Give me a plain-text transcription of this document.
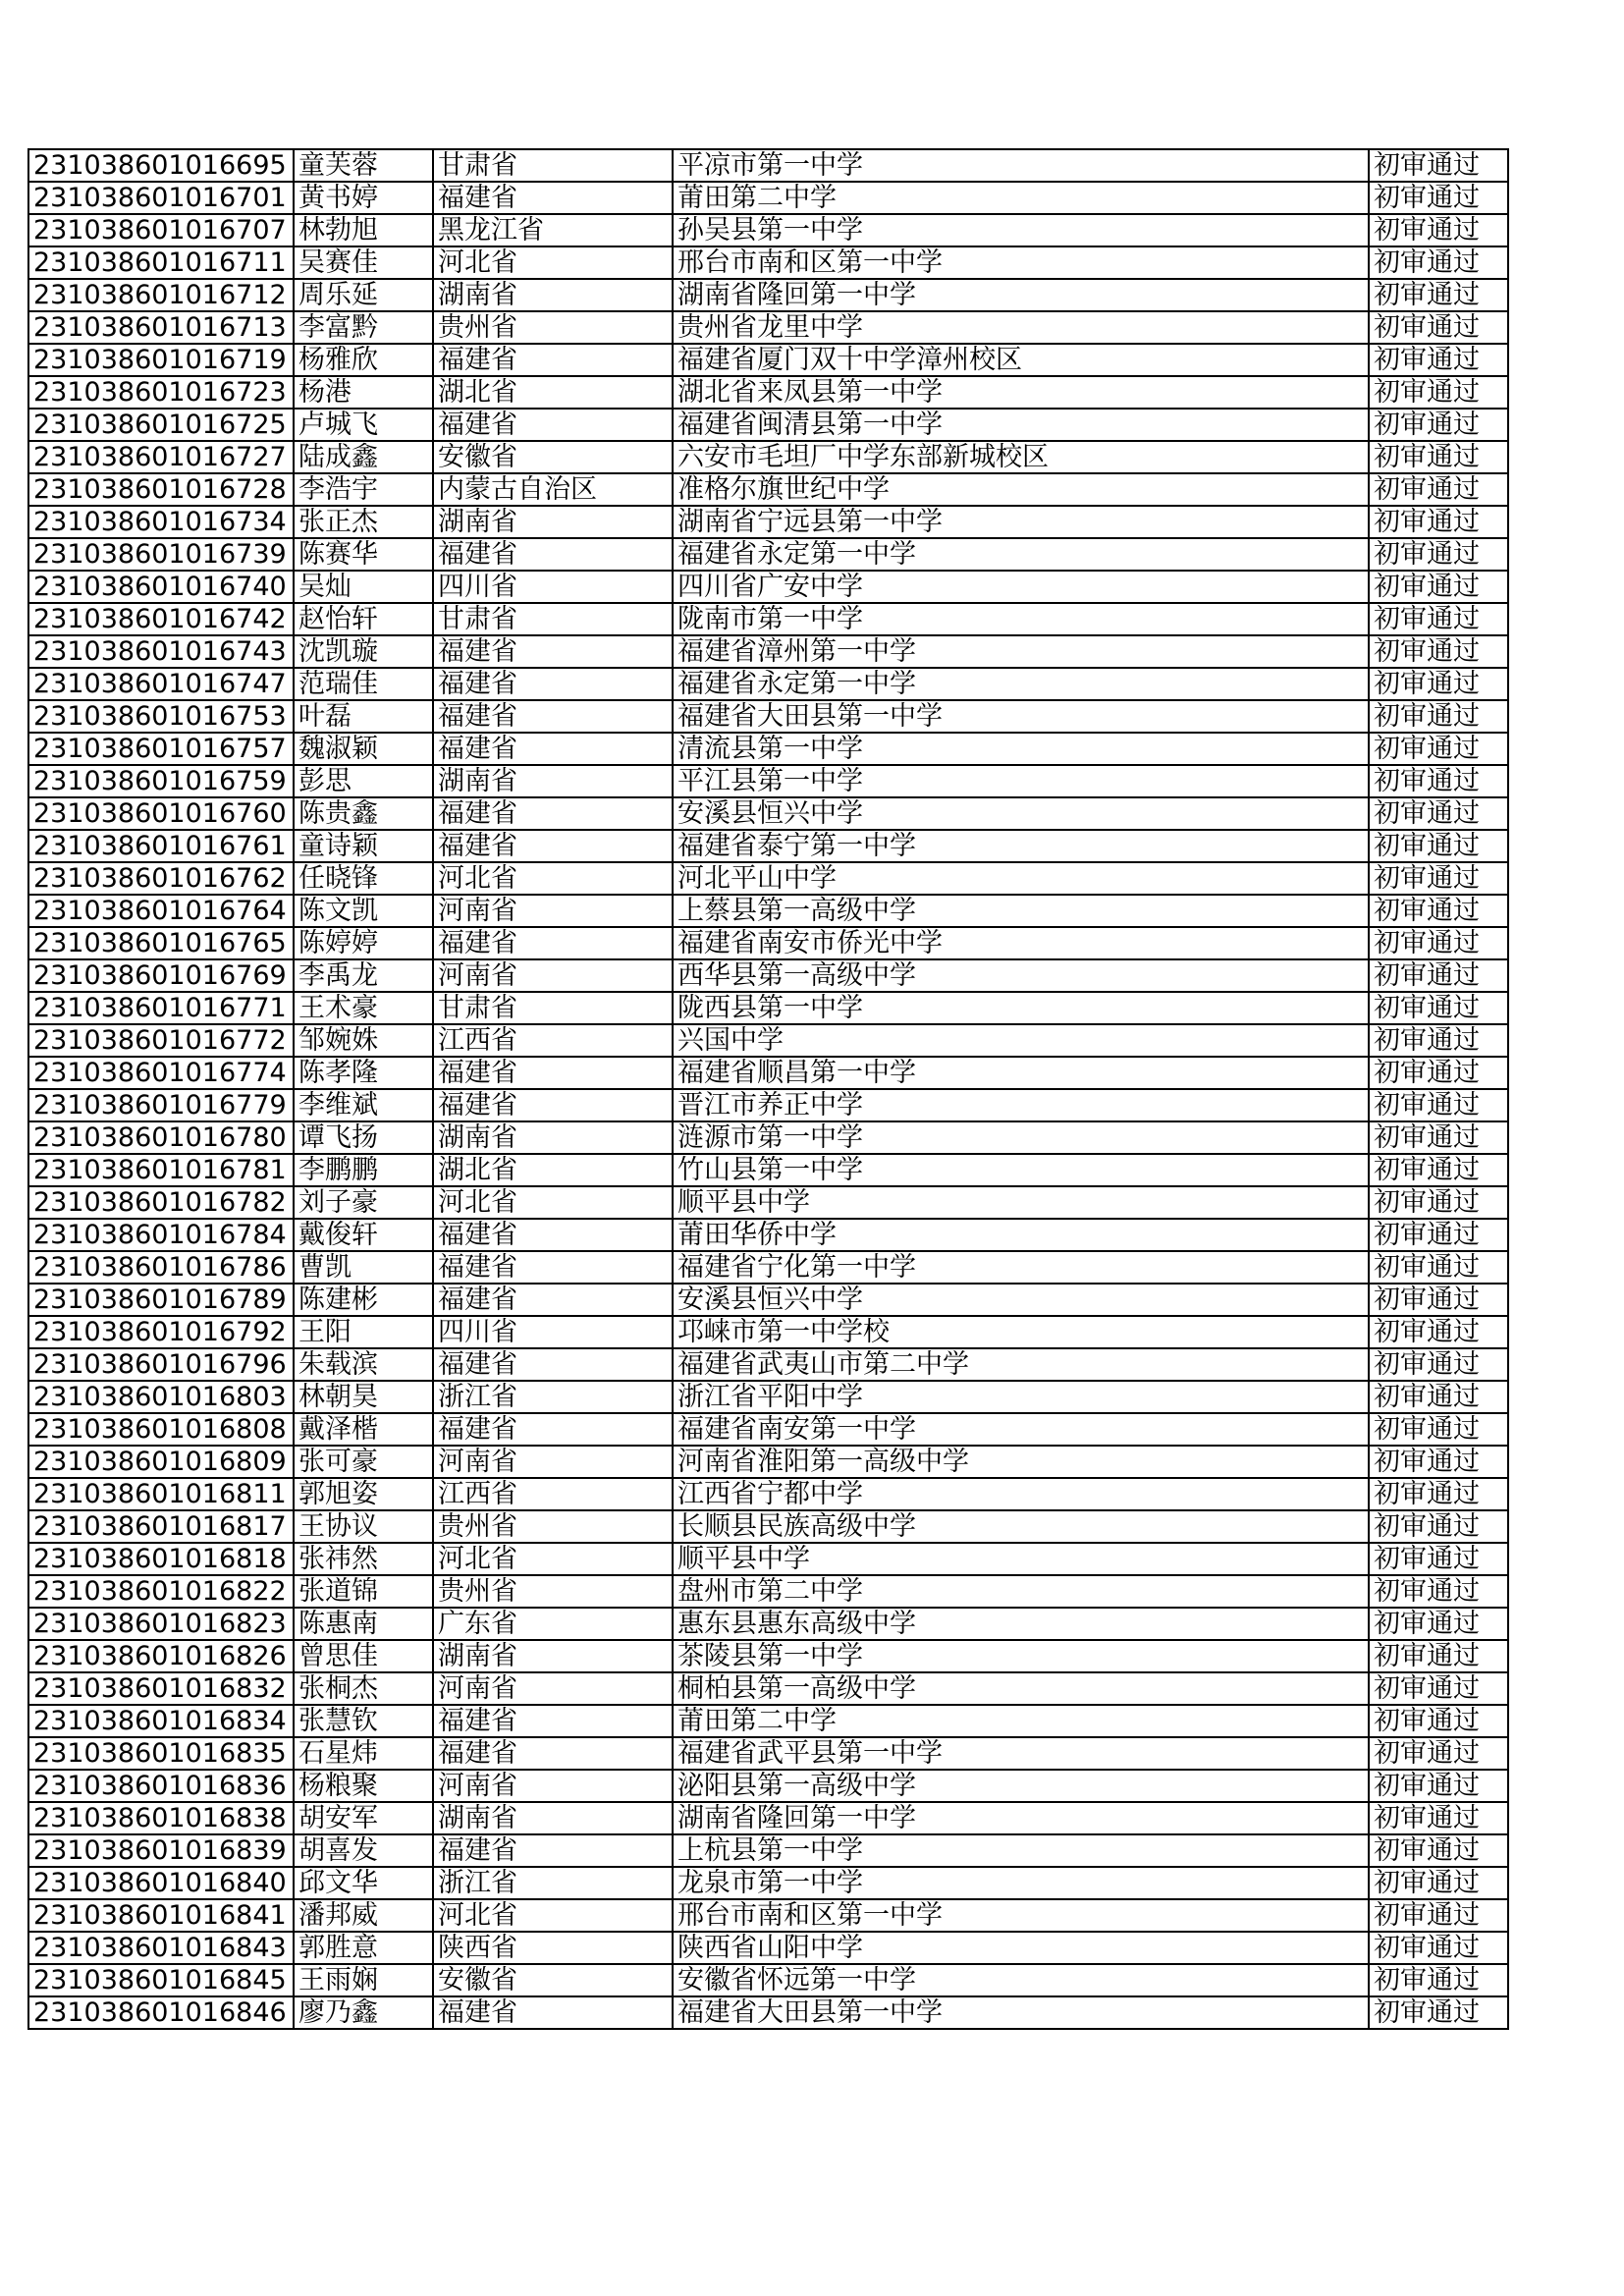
231038601016695	童芙蓉	甘肃省	平凉市第一中学	初审通过
231038601016701	黄书婷	福建省	莆田第二中学	初审通过
231038601016707	林勃旭	黑龙江省	孙吴县第一中学	初审通过
231038601016711	吴赛佳	河北省	邢台市南和区第一中学	初审通过
231038601016712	周乐延	湖南省	湖南省隆回第一中学	初审通过
231038601016713	李富黔	贵州省	贵州省龙里中学	初审通过
231038601016719	杨雅欣	福建省	福建省厦门双十中学漳州校区	初审通过
231038601016723	杨港	湖北省	湖北省来凤县第一中学	初审通过
231038601016725	卢城飞	福建省	福建省闽清县第一中学	初审通过
231038601016727	陆成鑫	安徽省	六安市毛坦厂中学东部新城校区	初审通过
231038601016728	李浩宇	内蒙古自治区	准格尔旗世纪中学	初审通过
231038601016734	张正杰	湖南省	湖南省宁远县第一中学	初审通过
231038601016739	陈赛华	福建省	福建省永定第一中学	初审通过
231038601016740	吴灿	四川省	四川省广安中学	初审通过
231038601016742	赵怡轩	甘肃省	陇南市第一中学	初审通过
231038601016743	沈凯璇	福建省	福建省漳州第一中学	初审通过
231038601016747	范瑞佳	福建省	福建省永定第一中学	初审通过
231038601016753	叶磊	福建省	福建省大田县第一中学	初审通过
231038601016757	魏淑颖	福建省	清流县第一中学	初审通过
231038601016759	彭思	湖南省	平江县第一中学	初审通过
231038601016760	陈贵鑫	福建省	安溪县恒兴中学	初审通过
231038601016761	童诗颖	福建省	福建省泰宁第一中学	初审通过
231038601016762	任晓锋	河北省	河北平山中学	初审通过
231038601016764	陈文凯	河南省	上蔡县第一高级中学	初审通过
231038601016765	陈婷婷	福建省	福建省南安市侨光中学	初审通过
231038601016769	李禹龙	河南省	西华县第一高级中学	初审通过
231038601016771	王术豪	甘肃省	陇西县第一中学	初审通过
231038601016772	邹婉姝	江西省	兴国中学	初审通过
231038601016774	陈孝隆	福建省	福建省顺昌第一中学	初审通过
231038601016779	李维斌	福建省	晋江市养正中学	初审通过
231038601016780	谭飞扬	湖南省	涟源市第一中学	初审通过
231038601016781	李鹏鹏	湖北省	竹山县第一中学	初审通过
231038601016782	刘子豪	河北省	顺平县中学	初审通过
231038601016784	戴俊轩	福建省	莆田华侨中学	初审通过
231038601016786	曹凯	福建省	福建省宁化第一中学	初审通过
231038601016789	陈建彬	福建省	安溪县恒兴中学	初审通过
231038601016792	王阳	四川省	邛崃市第一中学校	初审通过
231038601016796	朱载滨	福建省	福建省武夷山市第二中学	初审通过
231038601016803	林朝昊	浙江省	浙江省平阳中学	初审通过
231038601016808	戴泽楷	福建省	福建省南安第一中学	初审通过
231038601016809	张可豪	河南省	河南省淮阳第一高级中学	初审通过
231038601016811	郭旭姿	江西省	江西省宁都中学	初审通过
231038601016817	王协议	贵州省	长顺县民族高级中学	初审通过
231038601016818	张祎然	河北省	顺平县中学	初审通过
231038601016822	张道锦	贵州省	盘州市第二中学	初审通过
231038601016823	陈惠南	广东省	惠东县惠东高级中学	初审通过
231038601016826	曾思佳	湖南省	茶陵县第一中学	初审通过
231038601016832	张桐杰	河南省	桐柏县第一高级中学	初审通过
231038601016834	张慧钦	福建省	莆田第二中学	初审通过
231038601016835	石星炜	福建省	福建省武平县第一中学	初审通过
231038601016836	杨粮聚	河南省	泌阳县第一高级中学	初审通过
231038601016838	胡安军	湖南省	湖南省隆回第一中学	初审通过
231038601016839	胡喜发	福建省	上杭县第一中学	初审通过
231038601016840	邱文华	浙江省	龙泉市第一中学	初审通过
231038601016841	潘邦威	河北省	邢台市南和区第一中学	初审通过
231038601016843	郭胜意	陕西省	陕西省山阳中学	初审通过
231038601016845	王雨娴	安徽省	安徽省怀远第一中学	初审通过
231038601016846	廖乃鑫	福建省	福建省大田县第一中学	初审通过
